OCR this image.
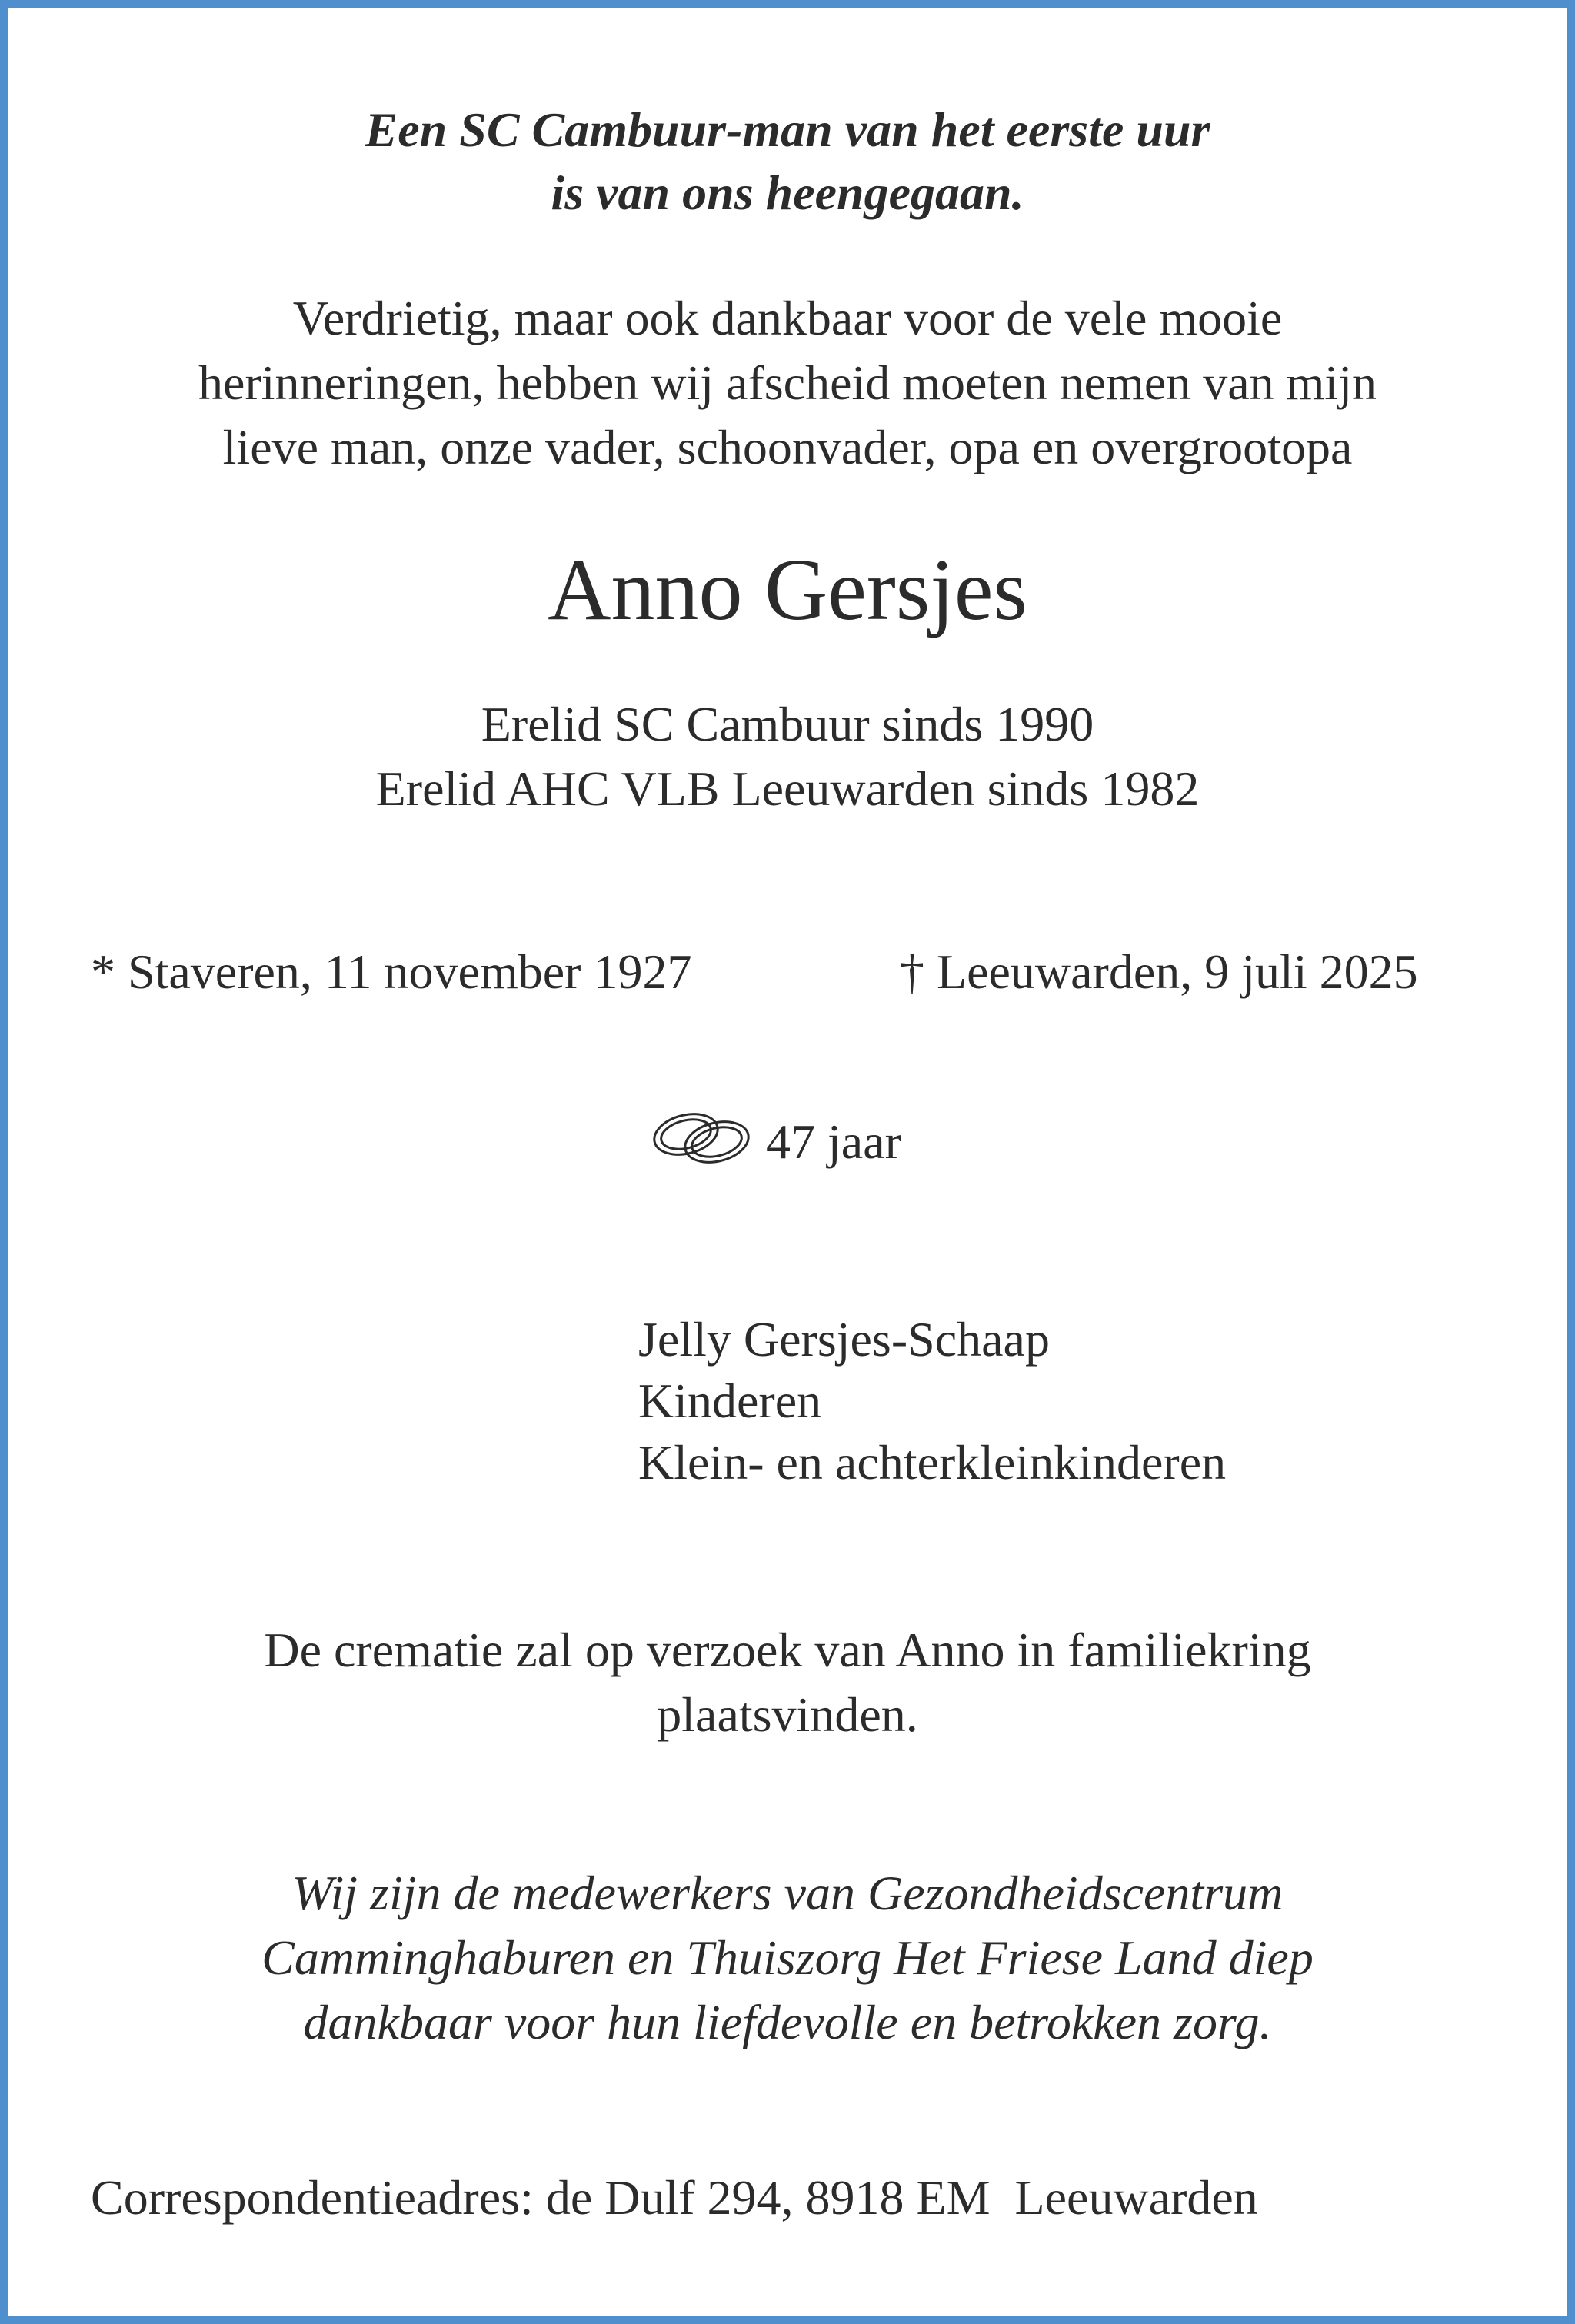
Een SC Cambuur-man van het eerste uur
is van ons heengegaan.
Verdrietig, maar ook dankbaar voor de vele mooie
herinneringen, hebben wij afscheid moeten nemen van mijn
lieve man, onze vader, schoonvader, opa en overgrootopa
Anno Gersjes
Erelid SC Cambuur sinds 1990
Erelid AHC VLB Leeuwarden sinds 1982
* Staveren, 11 november 1927	† Leeuwarden, 9 juli 2025
47 jaar
Jelly Gersjes-Schaap
Kinderen
Klein- en achterkleinkinderen
De crematie zal op verzoek van Anno in familiekring
plaatsvinden.
Wij zijn de medewerkers van Gezondheidscentrum
Camminghaburen en Thuiszorg Het Friese Land diep
dankbaar voor hun liefdevolle en betrokken zorg.
Correspondentieadres: de Dulf 294, 8918 EM  Leeuwarden
